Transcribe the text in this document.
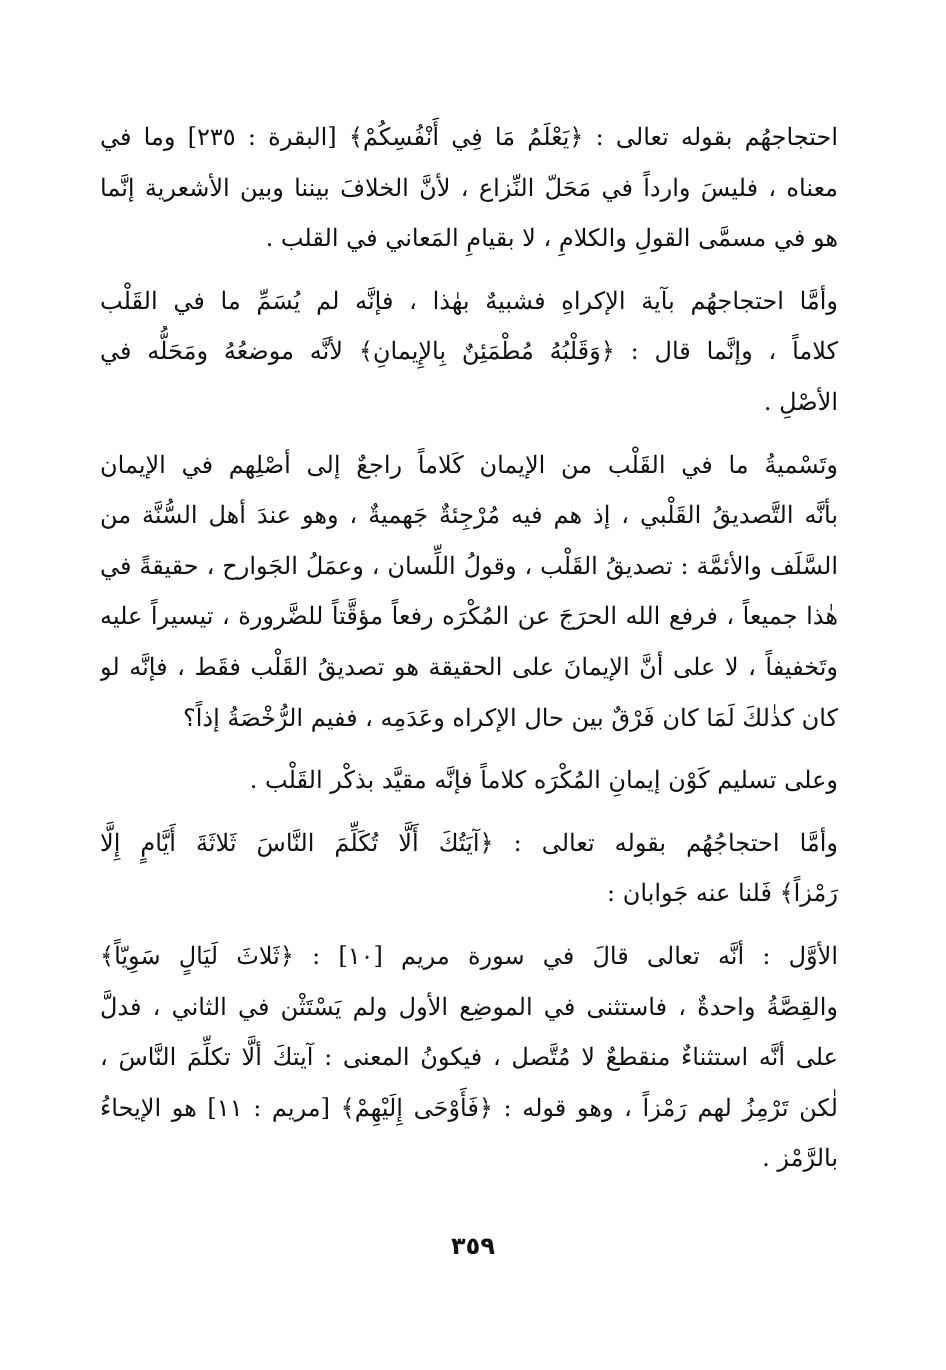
احتجاجهُم بقوله تعالى : ﴿يَعْلَمُ مَا فِي أَنْفُسِكُمْ﴾ [البقرة : ٢٣٥] وما في
معناه ، فليسَ وارداً في مَحَلّ النِّزاع ، لأنَّ الخلافَ بيننا وبين الأشعرية إنَّما
هو في مسمَّى القولِ والكلامِ ، لا بقيامِ المَعاني في القلب .
وأمَّا احتجاجهُم بآية الإكراهِ فشبيهٌ بهٰذا ، فإنَّه لم يُسَمِّ ما في القَلْب
كلاماً ، وإنَّما قال : ﴿وَقَلْبُهُ مُطْمَئِنٌ بِالإِيمانِ﴾ لأنَّه موضعُهُ ومَحَلُّه في
الأصْلِ .
وتَسْميةُ ما في القَلْب من الإيمان كَلاماً راجعٌ إلى أصْلِهم في الإيمان
بأنَّه التَّصديقُ القَلْبي ، إذ هم فيه مُرْجِئةٌ جَهميةٌ ، وهو عندَ أهل السُّنَّة من
السَّلَف والأئمَّة : تصديقُ القَلْب ، وقولُ اللِّسان ، وعمَلُ الجَوارح ، حقيقةً في
هٰذا جميعاً ، فرفع الله الحرَجَ عن المُكْرَه رفعاً مؤقَّتاً للضَّرورة ، تيسيراً عليه
وتَخفيفاً ، لا على أنَّ الإيمانَ على الحقيقة هو تصديقُ القَلْب فقَط ، فإنَّه لو
كان كذٰلكَ لَمَا كان فَرْقٌ بين حال الإكراه وعَدَمِه ، ففيم الرُّخْصَةُ إذاً؟
وعلى تسليم كَوْن إيمانِ المُكْرَه كلاماً فإنَّه مقيَّد بذكْر القَلْب .
وأمَّا احتجاجُهُم بقوله تعالى : ﴿آيَتُكَ أَلَّا تُكَلِّمَ النَّاسَ ثَلاثَةَ أَيَّامٍ إِلَّا
رَمْزاً﴾ فَلنا عنه جَوابان :
الأوَّل : أنَّه تعالى قالَ في سورة مريم [١٠] : ﴿ثَلاثَ لَيَالٍ سَوِيّاً﴾
والقِصَّةُ واحدةٌ ، فاستثنى في الموضِع الأول ولم يَسْتَثْن في الثاني ، فدلَّ
على أنَّه استثناءٌ منقطعٌ لا مُتَّصل ، فيكونُ المعنى : آيتكَ ألَّا تكلِّمَ النَّاسَ ،
لٰكن تَرْمِزُ لهم رَمْزاً ، وهو قوله : ﴿فَأَوْحَى إِلَيْهِمْ﴾ [مريم : ١١] هو الإيحاءُ
بالرَّمْز .
٣٥٩
